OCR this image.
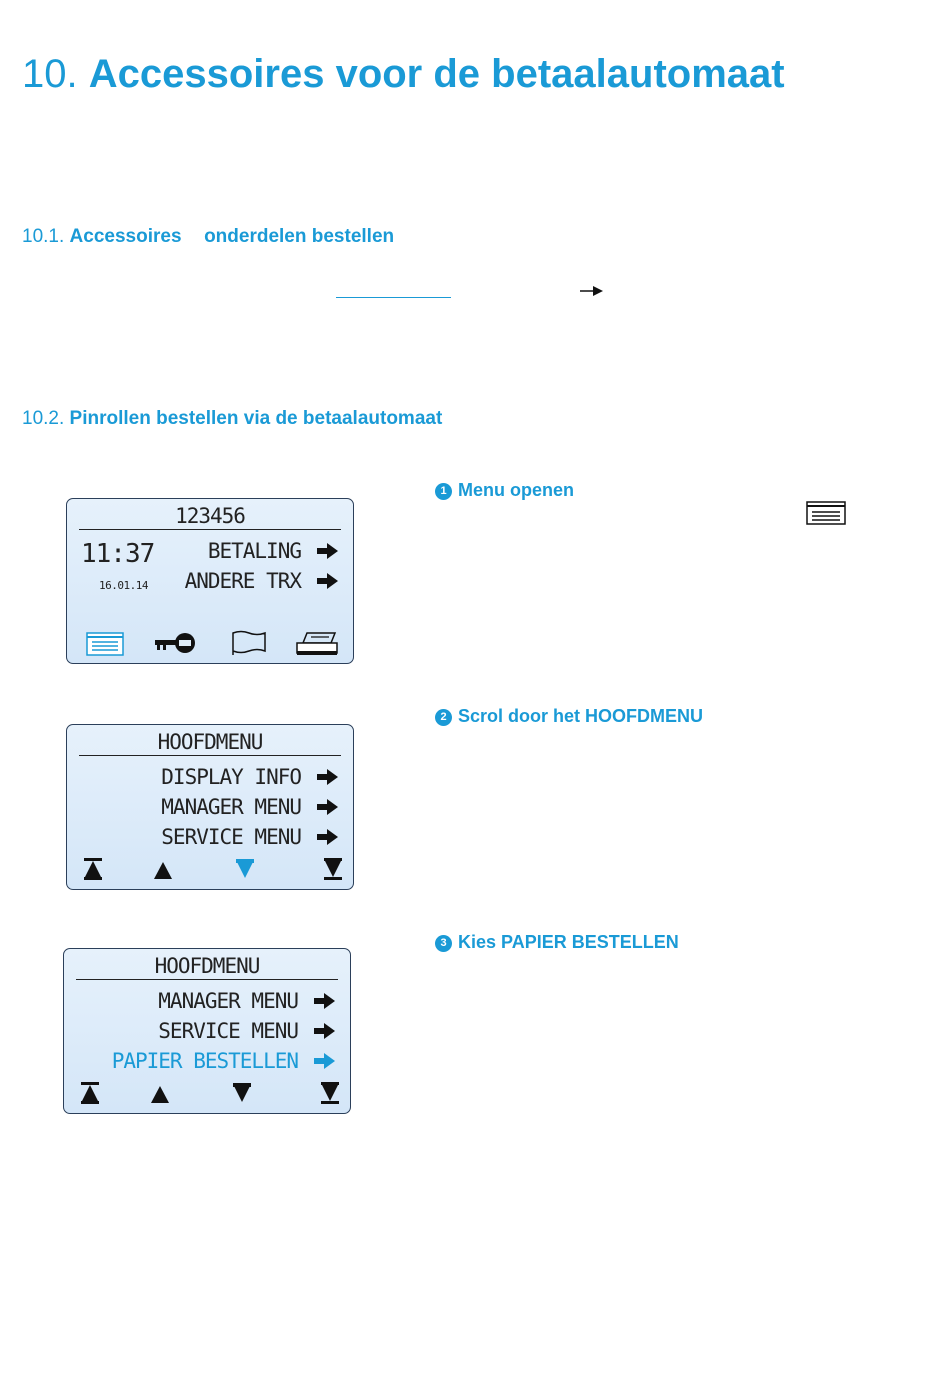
10. Accessoires voor de betaalautomaat
10.1. Accessoires onderdelen bestellen
10.2. Pinrollen bestellen via de betaalautomaat
1 Menu openen
2 Scrol door het HOOFDMENU
3 Kies PAPIER BESTELLEN
123456
11:37
16.01.14
BETALING
ANDERE TRX
HOOFDMENU
DISPLAY INFO
MANAGER MENU
SERVICE MENU
HOOFDMENU
MANAGER MENU
SERVICE MENU
PAPIER BESTELLEN
